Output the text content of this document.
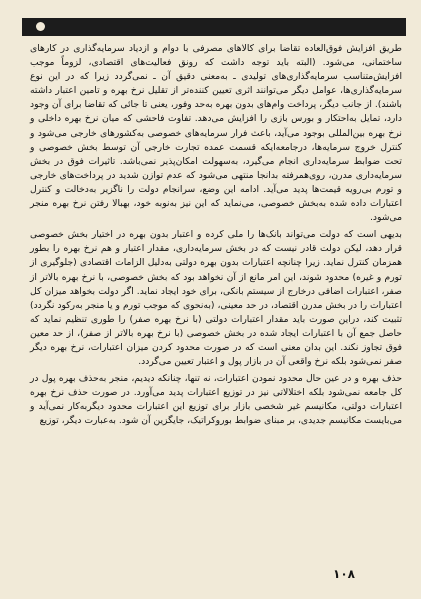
طریق افزایش فوق‌العاده تقاضا برای کالاهای مصرفی با دوام و ازدیاد سرمایه‌گذاری در کارهای ساختمانی، می‌شود. (البته باید توجه داشت که رونق فعالیت‌های اقتصادی، لزوماً موجب افزایش‌متناسب سرمایه‌گذاری‌های تولیدی ـ به‌معنی دقیق آن ـ نمی‌گردد زیرا که در این نوع سرمایه‌گذاری‌ها، عوامل دیگر می‌توانند اثری تعیین کننده‌تر از تقلیل نرخ بهره و تامین اعتبار داشته باشند). از جانب دیگر، پرداخت وام‌های بدون بهره به‌حد وفور، یعنی تا جائی که تقاضا برای آن وجود دارد، تمایل به‌احتکار و بورس بازی را افزایش می‌دهد. تفاوت فاحشی که میان نرخ بهره داخلی و نرخ بهره بین‌المللی بوجود می‌آید، باعث فرار سرمایه‌های خصوصی به‌کشورهای خارجی می‌شود و کنترل خروج سرمایه‌ها، درجامعه‌ایکه قسمت عمده تجارت خارجی آن توسط بخش خصوصی و تحت ضوابط سرمایه‌داری انجام می‌گیرد، به‌سهولت امکان‌پذیر نمی‌باشد. تاثیرات فوق در بخش سرمایه‌داری مدرن، روی‌همرفته بدانجا منتهی می‌شود که عدم توازن شدید در پرداخت‌های خارجی و تورم بی‌رویه قیمت‌ها پدید می‌آید. ادامه این وضع، سرانجام دولت را ناگزیر به‌دخالت و کنترل اعتبارات داده شده به‌بخش خصوصی، می‌نماید که این نیز به‌نوبه خود، بهبالا رفتن نرخ بهره منجر می‌شود.

بدیهی است که دولت می‌تواند بانک‌ها را ملی کرده و اعتبار بدون بهره در اختیار بخش خصوصی قرار دهد، لیکن دولت قادر نیست که در بخش سرمایه‌داری، مقدار اعتبار و هم نرخ بهره را بطور همزمان کنترل نماید. زیرا چنانچه اعتبارات بدون بهره دولتی به‌دلیل الزامات اقتصادی (جلوگیری از تورم و غیره) محدود شوند، این امر مانع از آن نخواهد بود که بخش خصوصی، با نرخ بهره بالاتر از صفر، اعتبارات اضافی درخارج از سیستم بانکی، برای خود ایجاد نماید. اگر دولت بخواهد میزان کل اعتبارات را در بخش مدرن اقتصاد، در حد معینی، (به‌نحوی که موجب تورم و یا منجر به‌رکود نگردد) تثبیت کند، دراین صورت باید مقدار اعتبارات دولتی (با نرخ بهره صفر) را طوری تنظیم نماید که حاصل جمع آن با اعتبارات ایجاد شده در بخش خصوصی (با نرخ بهره بالاتر از صفر)، از حد معین فوق تجاوز نکند. این بدان معنی است که در صورت محدود کردن میزان اعتبارات، نرخ بهره دیگر صفر نمی‌شود بلکه نرخ واقعی آن در بازار پول و اعتبار تعیین می‌گردد.

حذف بهره و در عین حال محدود نمودن اعتبارات، نه تنها، چنانکه دیدیم، منجر به‌حذف بهره پول در کل جامعه نمی‌شود بلکه اختلالاتی نیز در توزیع اعتبارات پدید می‌آورد. در صورت حذف نرخ بهره اعتبارات دولتی، مکانیسم غیر شخصی بازار برای توزیع این اعتبارات محدود دیگربه‌کار نمی‌آید و می‌بایست مکانیسم جدیدی، بر مبنای ضوابط بوروکراتیک، جایگزین آن شود. به‌عبارت دیگر، توزیع

۱۰۸
